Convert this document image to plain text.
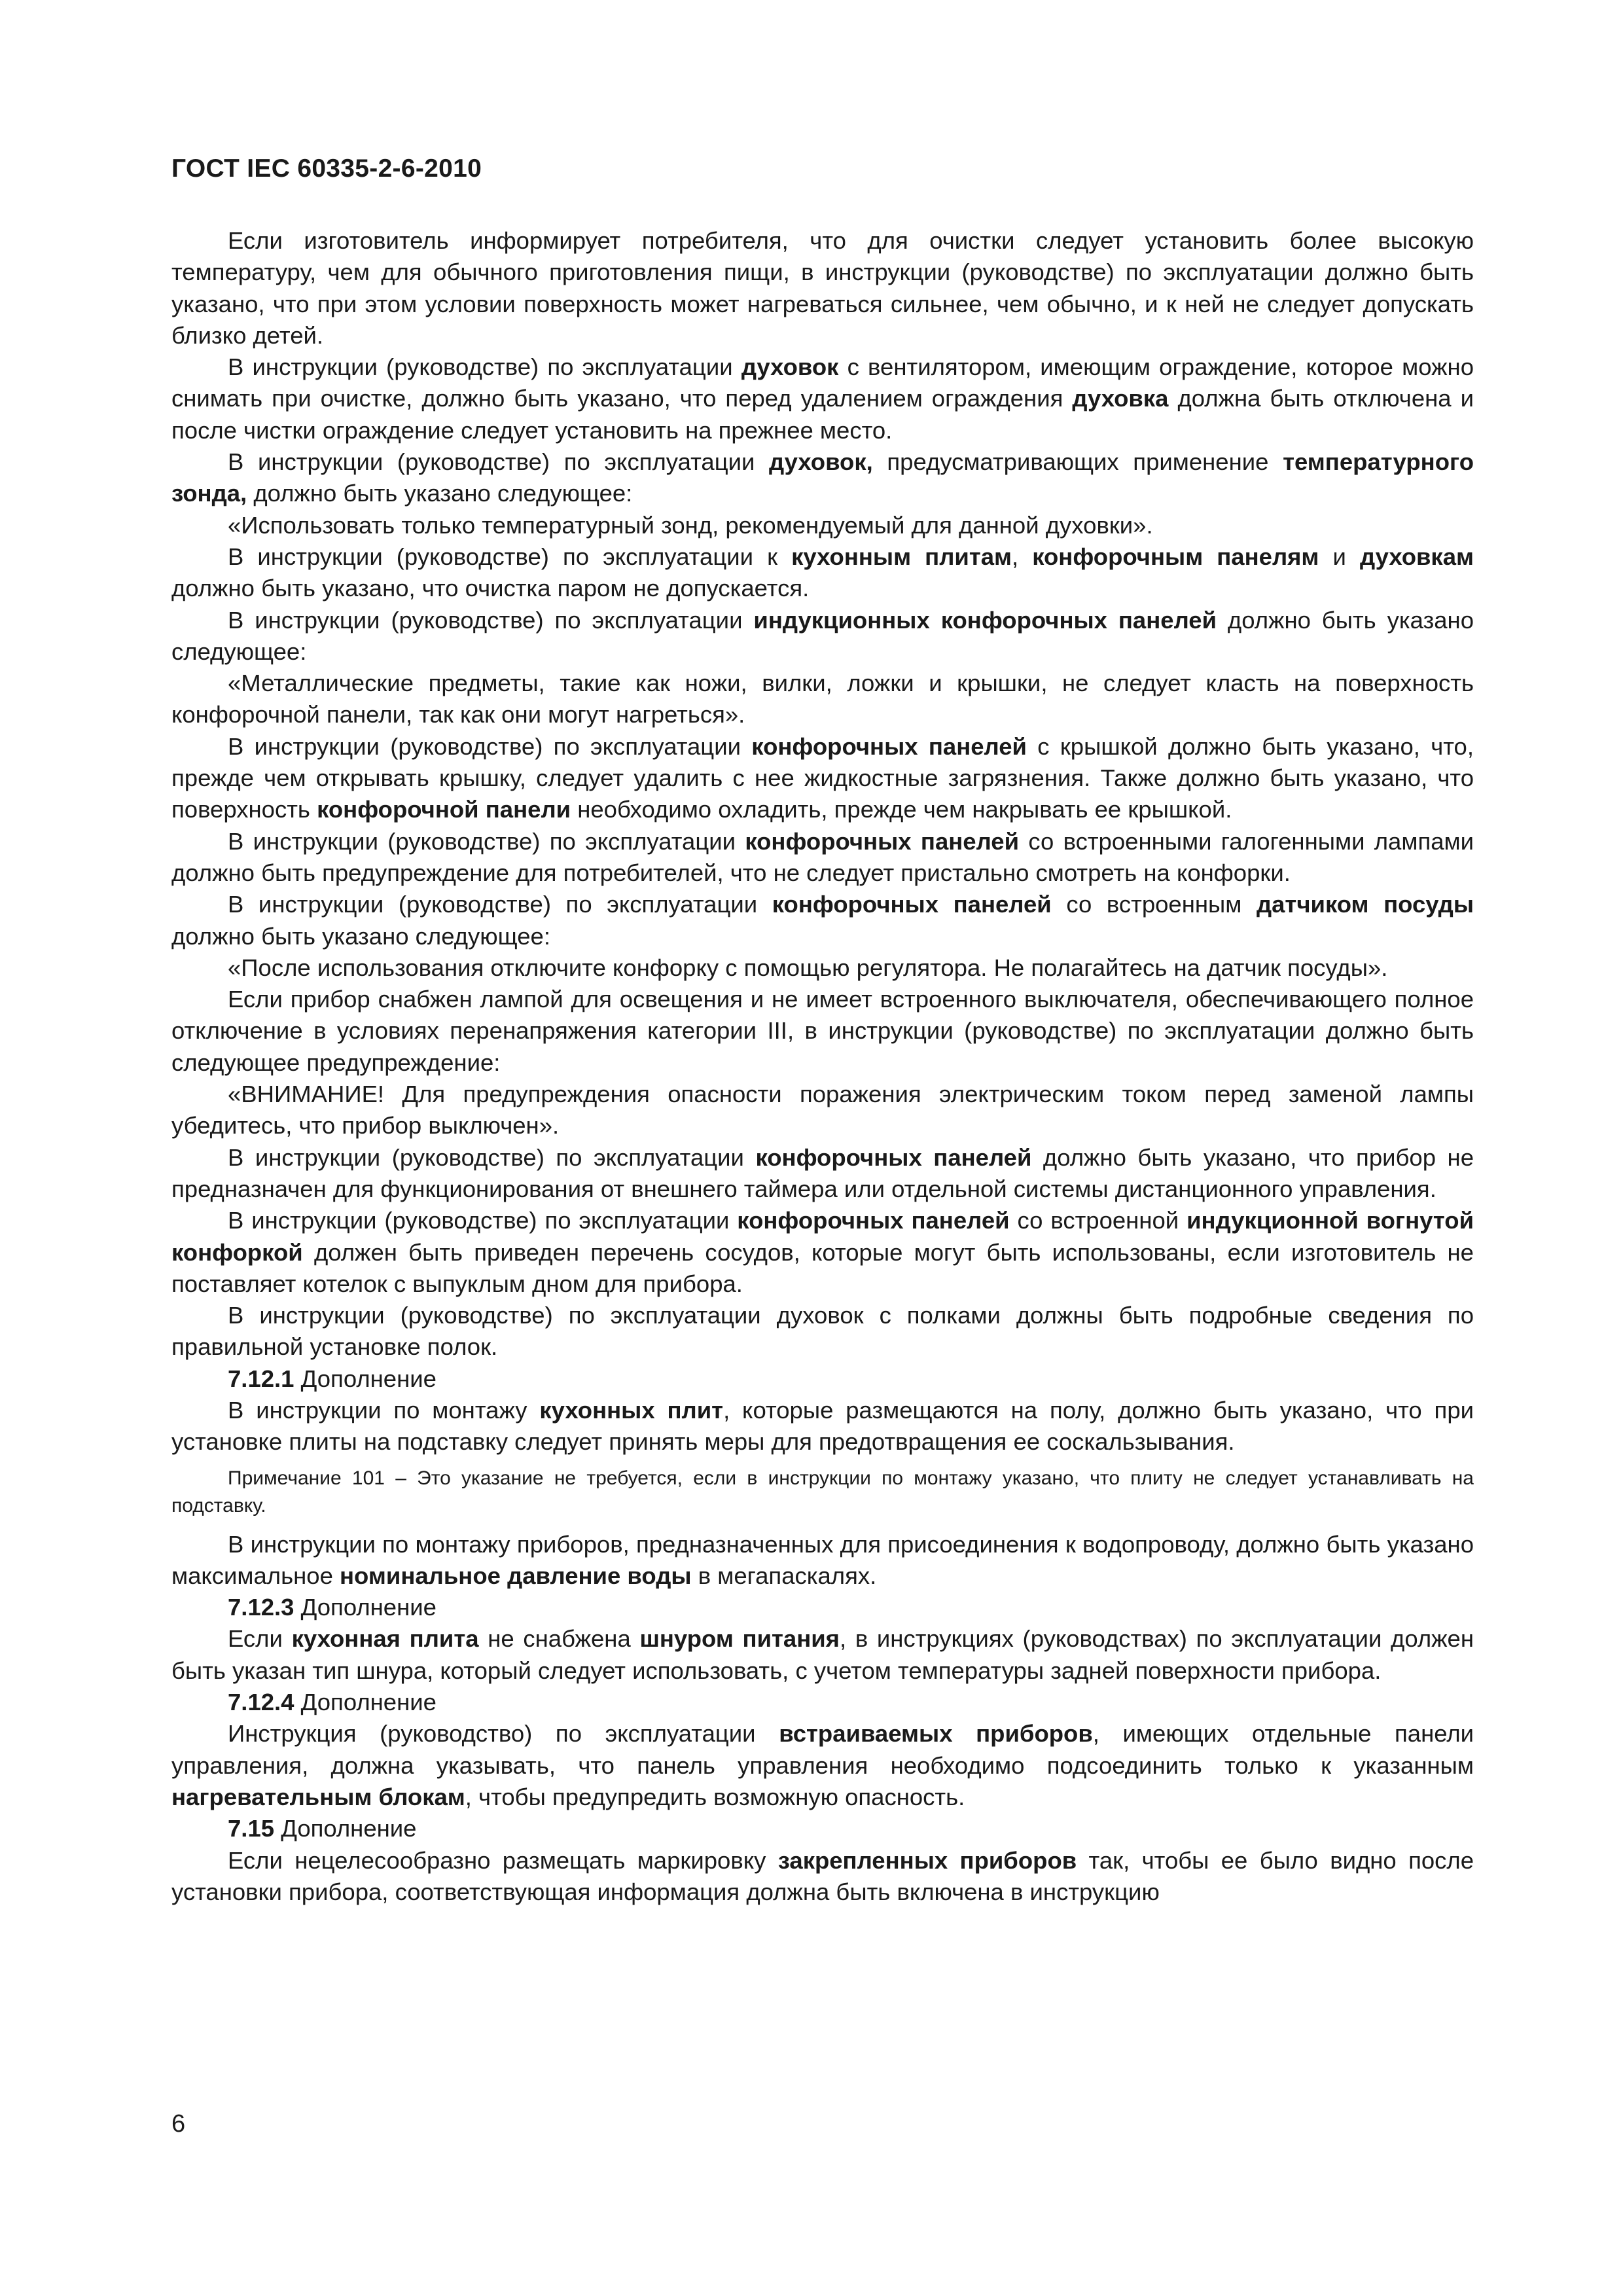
ГОСТ IEC 60335-2-6-2010

Если изготовитель информирует потребителя, что для очистки следует установить более высокую температуру, чем для обычного приготовления пищи, в инструкции (руководстве) по эксплуатации должно быть указано, что при этом условии поверхность может нагреваться сильнее, чем обычно, и к ней не следует допускать близко детей.

В инструкции (руководстве) по эксплуатации духовок с вентилятором, имеющим ограждение, которое можно снимать при очистке, должно быть указано, что перед удалением ограждения духовка должна быть отключена и после чистки ограждение следует установить на прежнее место.

В инструкции (руководстве) по эксплуатации духовок, предусматривающих применение температурного зонда, должно быть указано следующее:

«Использовать только температурный зонд, рекомендуемый для данной духовки».

В инструкции (руководстве) по эксплуатации к кухонным плитам, конфорочным панелям и духовкам должно быть указано, что очистка паром не допускается.

В инструкции (руководстве) по эксплуатации индукционных конфорочных панелей должно быть указано следующее:

«Металлические предметы, такие как ножи, вилки, ложки и крышки, не следует класть на поверхность конфорочной панели, так как они могут нагреться».

В инструкции (руководстве) по эксплуатации конфорочных панелей с крышкой должно быть указано, что, прежде чем открывать крышку, следует удалить с нее жидкостные загрязнения. Также должно быть указано, что поверхность конфорочной панели необходимо охладить, прежде чем накрывать ее крышкой.

В инструкции (руководстве) по эксплуатации конфорочных панелей со встроенными галогенными лампами должно быть предупреждение для потребителей, что не следует пристально смотреть на конфорки.

В инструкции (руководстве) по эксплуатации конфорочных панелей со встроенным датчиком посуды должно быть указано следующее:

«После использования отключите конфорку с помощью регулятора. Не полагайтесь на датчик посуды».

Если прибор снабжен лампой для освещения и не имеет встроенного выключателя, обеспечивающего полное отключение в условиях перенапряжения категории III, в инструкции (руководстве) по эксплуатации должно быть следующее предупреждение:

«ВНИМАНИЕ! Для предупреждения опасности поражения электрическим током перед заменой лампы убедитесь, что прибор выключен».

В инструкции (руководстве) по эксплуатации конфорочных панелей должно быть указано, что прибор не предназначен для функционирования от внешнего таймера или отдельной системы дистанционного управления.

В инструкции (руководстве) по эксплуатации конфорочных панелей со встроенной индукционной вогнутой конфоркой должен быть приведен перечень сосудов, которые могут быть использованы, если изготовитель не поставляет котелок с выпуклым дном для прибора.

В инструкции (руководстве) по эксплуатации духовок с полками должны быть подробные сведения по правильной установке полок.

7.12.1 Дополнение

В инструкции по монтажу кухонных плит, которые размещаются на полу, должно быть указано, что при установке плиты на подставку следует принять меры для предотвращения ее соскальзывания.

Примечание 101 – Это указание не требуется, если в инструкции по монтажу указано, что плиту не следует устанавливать на подставку.

В инструкции по монтажу приборов, предназначенных для присоединения к водопроводу, должно быть указано максимальное номинальное давление воды в мегапаскалях.

7.12.3 Дополнение

Если кухонная плита не снабжена шнуром питания, в инструкциях (руководствах) по эксплуатации должен быть указан тип шнура, который следует использовать, с учетом температуры задней поверхности прибора.

7.12.4 Дополнение

Инструкция (руководство) по эксплуатации встраиваемых приборов, имеющих отдельные панели управления, должна указывать, что панель управления необходимо подсоединить только к указанным нагревательным блокам, чтобы предупредить возможную опасность.

7.15 Дополнение

Если нецелесообразно размещать маркировку закрепленных приборов так, чтобы ее было видно после установки прибора, соответствующая информация должна быть включена в инструкцию

6
